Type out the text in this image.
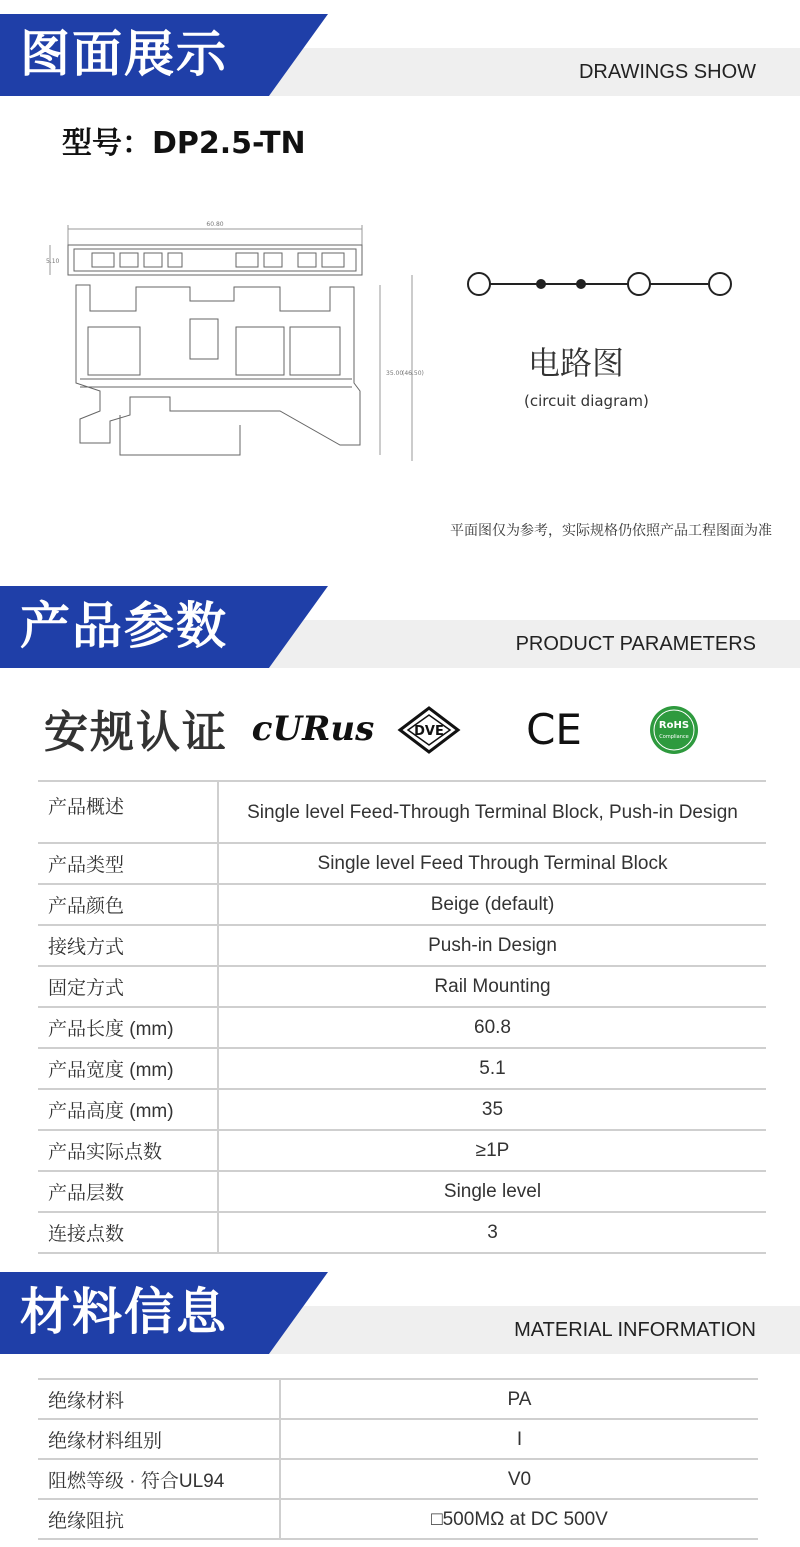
图面展示	DRAWINGS SHOW
型号：DP2.5-TN
60.80
5.10
35.00
(46.50)	电路图
(circuit diagram)
平面图仅为参考，实际规格仍依照产品工程图面为准
产品参数	PRODUCT PARAMETERS
安规认证 cURus	DVE CE	RoHS
Compliance
产品概述	Single level Feed-Through Terminal Block, Push-in Design
产品类型	Single level Feed Through Terminal Block
产品颜色	Beige (default)
接线方式	Push-in Design
固定方式	Rail Mounting
产品长度 (mm)	60.8
产品宽度 (mm)	5.1
产品高度 (mm)	35
产品实际点数	≥1P
产品层数	Single level
连接点数	3
材料信息	MATERIAL INFORMATION
绝缘材料	PA
绝缘材料组别	I
阻燃等级 · 符合UL94	V0
绝缘阻抗	□500MΩ at DC 500V
